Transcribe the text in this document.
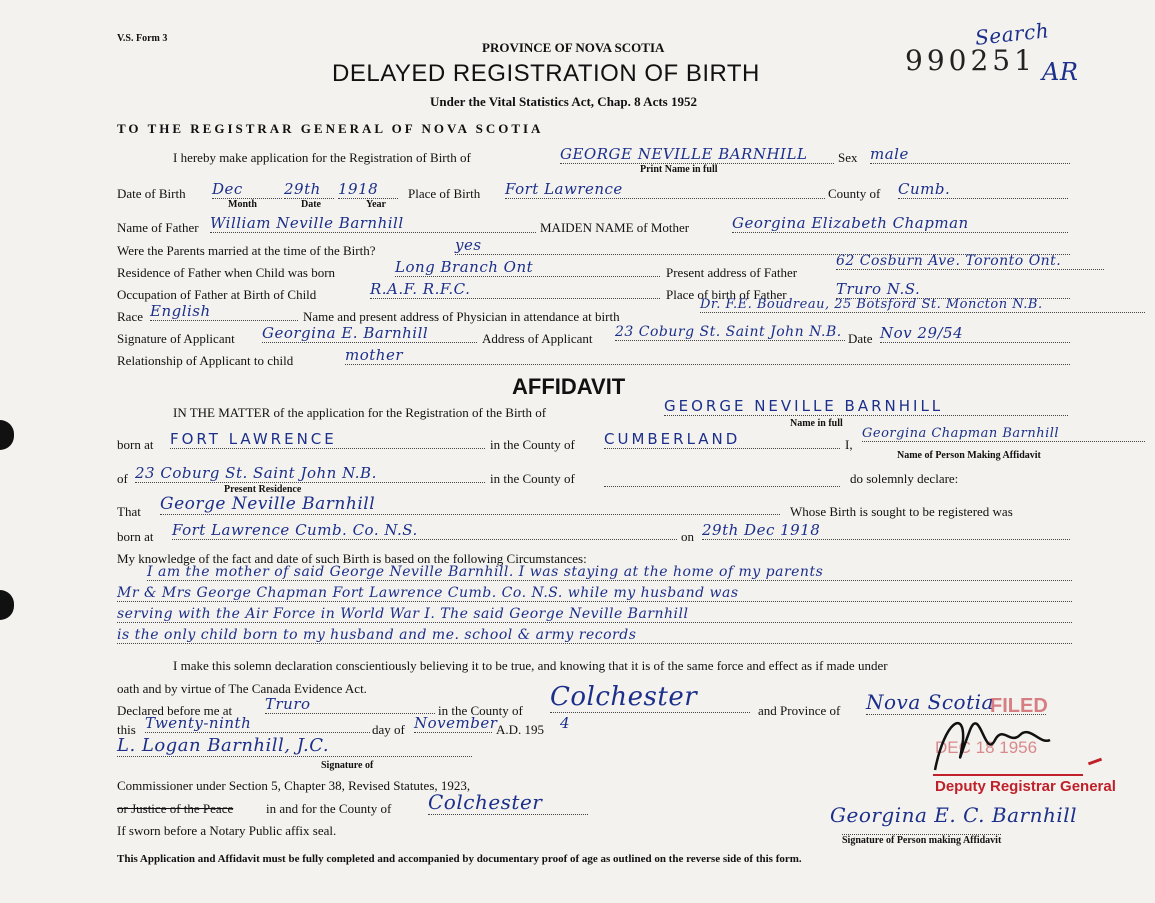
V.S. Form 3
PROVINCE OF NOVA SCOTIA
DELAYED REGISTRATION OF BIRTH
Under the Vital Statistics Act, Chap. 8 Acts 1952
990251
Search
AR
TO THE REGISTRAR GENERAL OF NOVA SCOTIA
I hereby make application for the Registration of Birth of	GEORGE NEVILLE BARNHILL
Print Name in full
Sex male
Date of Birth Dec	29th	1918
Month	Date	Year
Place of Birth Fort Lawrence	County of Cumb.
Name of Father William Neville Barnhill	MAIDEN NAME of Mother	Georgina Elizabeth Chapman
Were the Parents married at the time of the Birth?	yes
Residence of Father when Child was born	Long Branch Ont	Present address of Father
62 Cosburn Ave. Toronto Ont.
Occupation of Father at Birth of Child	R.A.F. R.F.C.	Place of birth of Father	Truro N.S.
Race English	Name and present address of Physician in attendance at birth
Dr. F.E. Boudreau, 25 Botsford St. Moncton N.B.
Signature of Applicant Georgina E. Barnhill	Address of Applicant 23 Coburg St. Saint John N.B. Date Nov 29/54
Relationship of Applicant to child	mother
AFFIDAVIT
IN THE MATTER of the application for the Registration of the Birth of	GEORGE NEVILLE BARNHILL
Name in full
born at FORT LAWRENCE	in the County of CUMBERLAND	I,
Georgina Chapman Barnhill
Name of Person Making Affidavit
of 23 Coburg St. Saint John N.B.
Present Residence
in the County of	do solemnly declare:
That George Neville Barnhill	Whose Birth is sought to be registered was
born at Fort Lawrence Cumb. Co. N.S.	on 29th Dec 1918
My knowledge of the fact and date of such Birth is based on the following Circumstances:
I am the mother of said George Neville Barnhill. I was staying at the home of my parents
Mr & Mrs George Chapman Fort Lawrence Cumb. Co. N.S. while my husband was
serving with the Air Force in World War I. The said George Neville Barnhill
is the only child born to my husband and me. school & army records
I make this solemn declaration conscientiously believing it to be true, and knowing that it is of the same force and effect as if made under
oath and by virtue of The Canada Evidence Act.
Declared before me at Truro	in the County of Colchester	and Province of Nova Scotia
this Twenty-ninth	day of November
A.D. 195 4
L. Logan Barnhill, J.C.
Signature of
Commissioner under Section 5, Chapter 38, Revised Statutes, 1923,
or Justice of the Peace	in and for the County of Colchester
If sworn before a Notary Public affix seal.
Georgina E. C. Barnhill
Signature of Person making Affidavit
FILED
DEC 18 1956
Deputy Registrar General
This Application and Affidavit must be fully completed and accompanied by documentary proof of age as outlined on the reverse side of this form.
